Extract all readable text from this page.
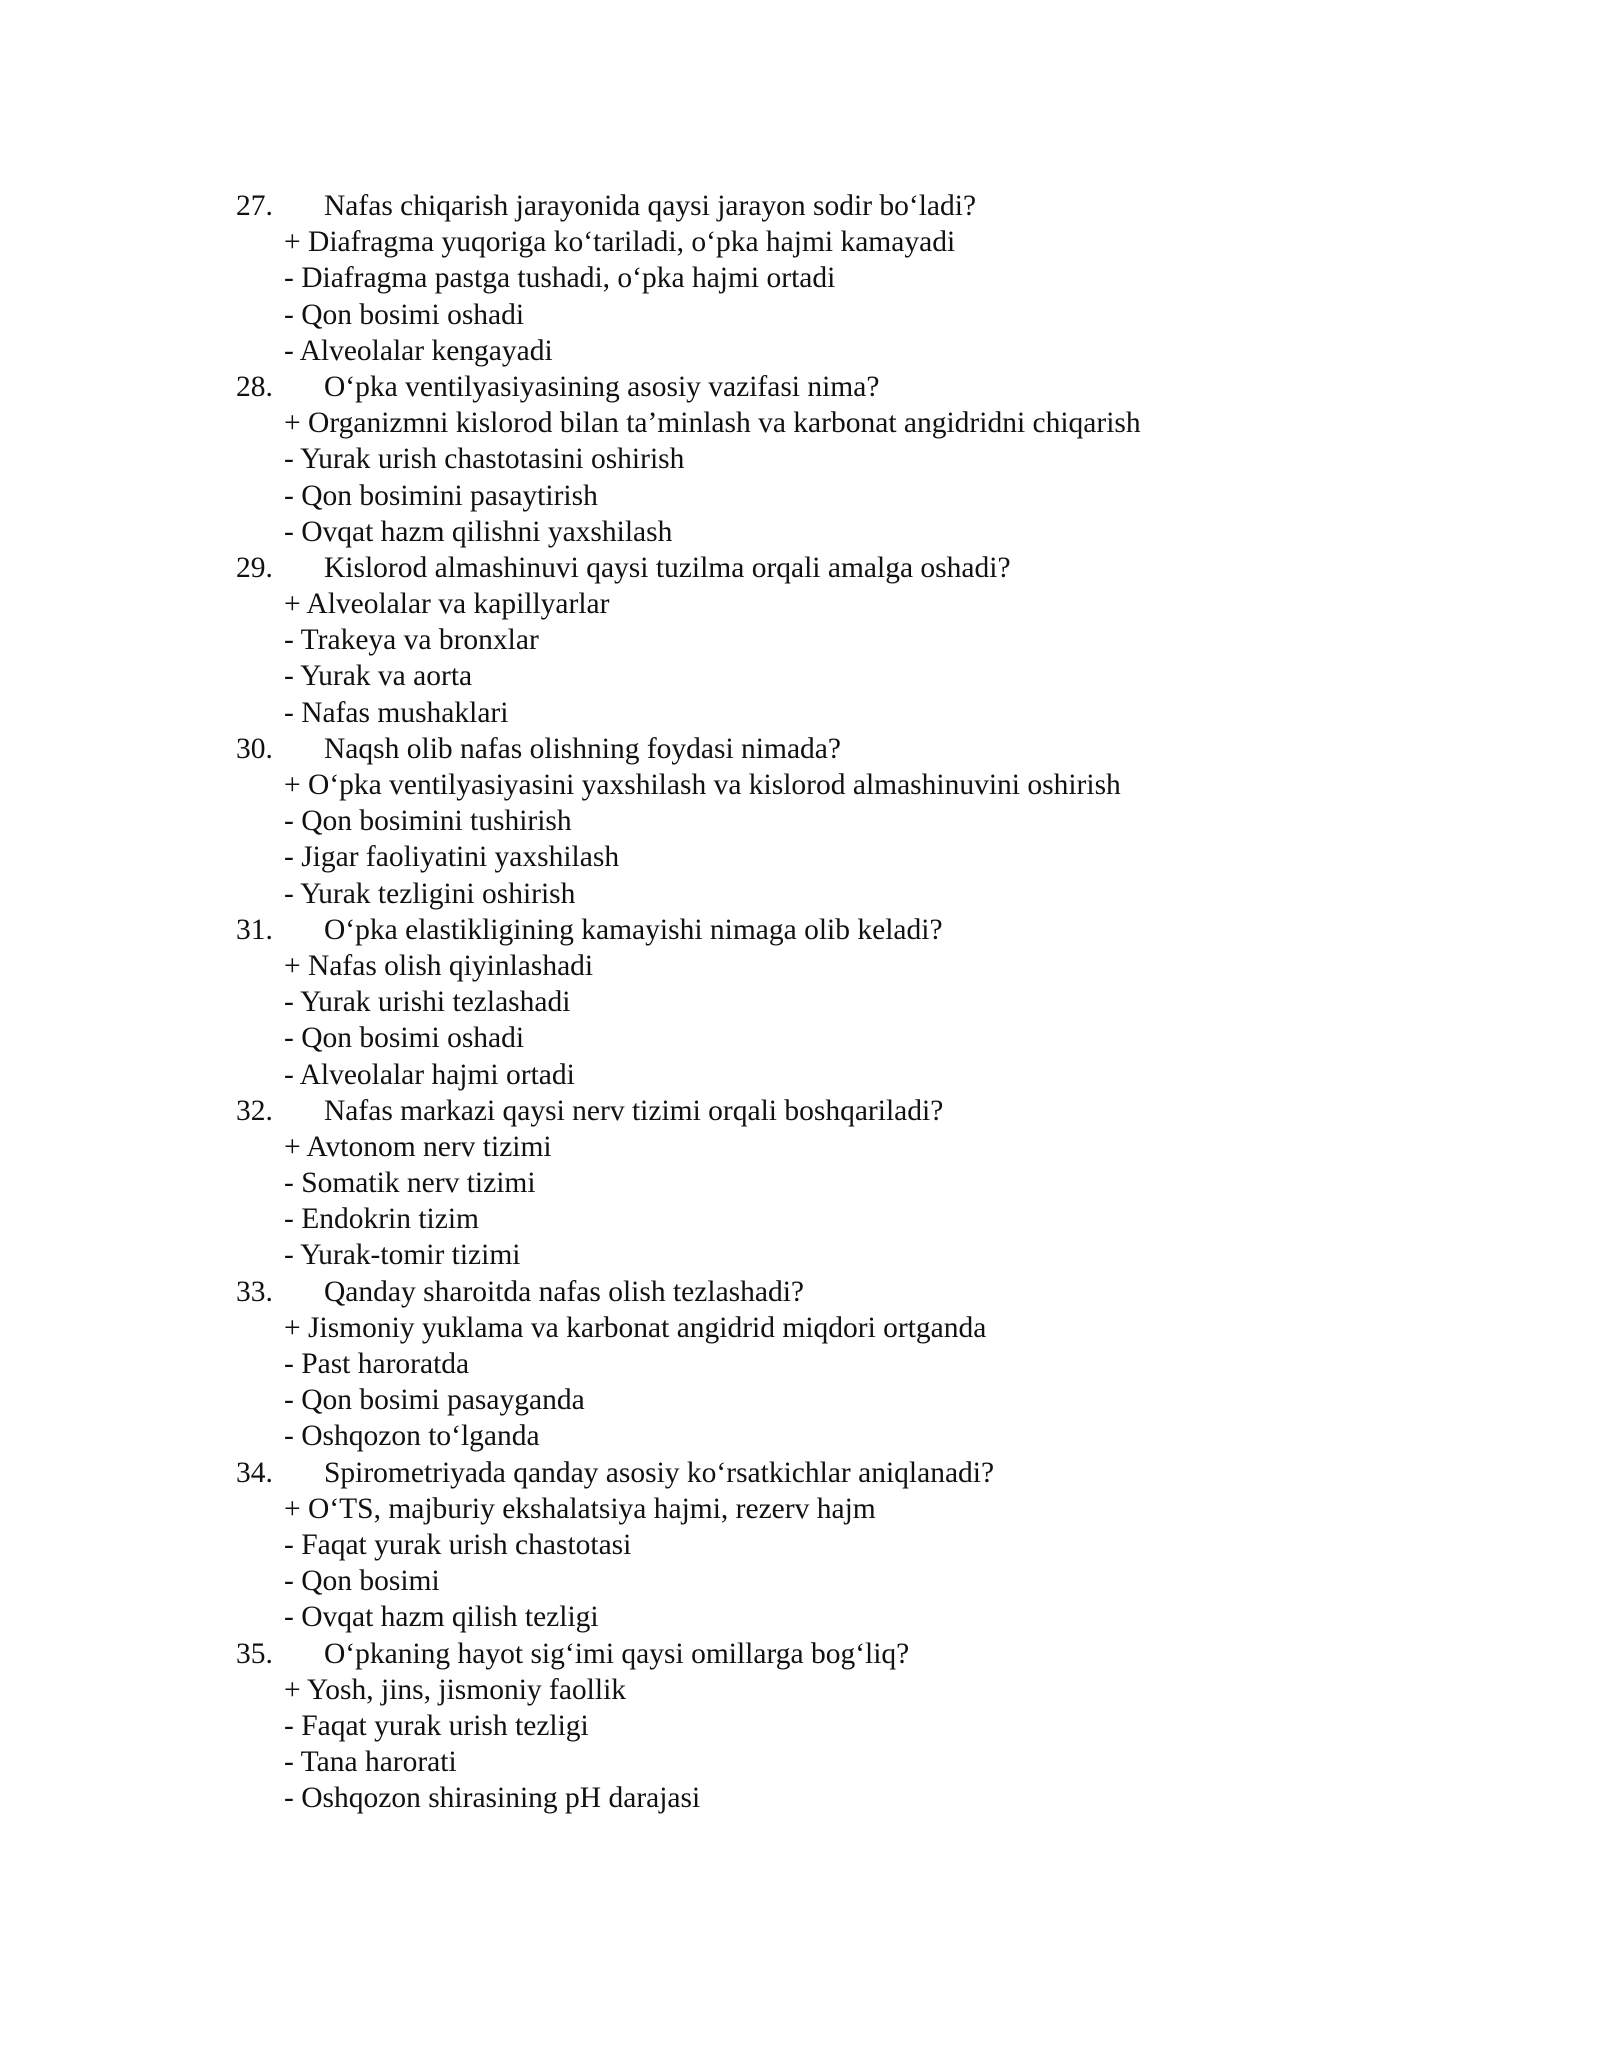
27. Nafas chiqarish jarayonida qaysi jarayon sodir bo‘ladi?
+ Diafragma yuqoriga ko‘tariladi, o‘pka hajmi kamayadi
- Diafragma pastga tushadi, o‘pka hajmi ortadi
- Qon bosimi oshadi
- Alveolalar kengayadi
28. O‘pka ventilyasiyasining asosiy vazifasi nima?
+ Organizmni kislorod bilan ta’minlash va karbonat angidridni chiqarish
- Yurak urish chastotasini oshirish
- Qon bosimini pasaytirish
- Ovqat hazm qilishni yaxshilash
29. Kislorod almashinuvi qaysi tuzilma orqali amalga oshadi?
+ Alveolalar va kapillyarlar
- Trakeya va bronxlar
- Yurak va aorta
- Nafas mushaklari
30. Naqsh olib nafas olishning foydasi nimada?
+ O‘pka ventilyasiyasini yaxshilash va kislorod almashinuvini oshirish
- Qon bosimini tushirish
- Jigar faoliyatini yaxshilash
- Yurak tezligini oshirish
31. O‘pka elastikligining kamayishi nimaga olib keladi?
+ Nafas olish qiyinlashadi
- Yurak urishi tezlashadi
- Qon bosimi oshadi
- Alveolalar hajmi ortadi
32. Nafas markazi qaysi nerv tizimi orqali boshqariladi?
+ Avtonom nerv tizimi
- Somatik nerv tizimi
- Endokrin tizim
- Yurak-tomir tizimi
33. Qanday sharoitda nafas olish tezlashadi?
+ Jismoniy yuklama va karbonat angidrid miqdori ortganda
- Past haroratda
- Qon bosimi pasayganda
- Oshqozon to‘lganda
34. Spirometriyada qanday asosiy ko‘rsatkichlar aniqlanadi?
+ O‘TS, majburiy ekshalatsiya hajmi, rezerv hajm
- Faqat yurak urish chastotasi
- Qon bosimi
- Ovqat hazm qilish tezligi
35. O‘pkaning hayot sig‘imi qaysi omillarga bog‘liq?
+ Yosh, jins, jismoniy faollik
- Faqat yurak urish tezligi
- Tana harorati
- Oshqozon shirasining pH darajasi
